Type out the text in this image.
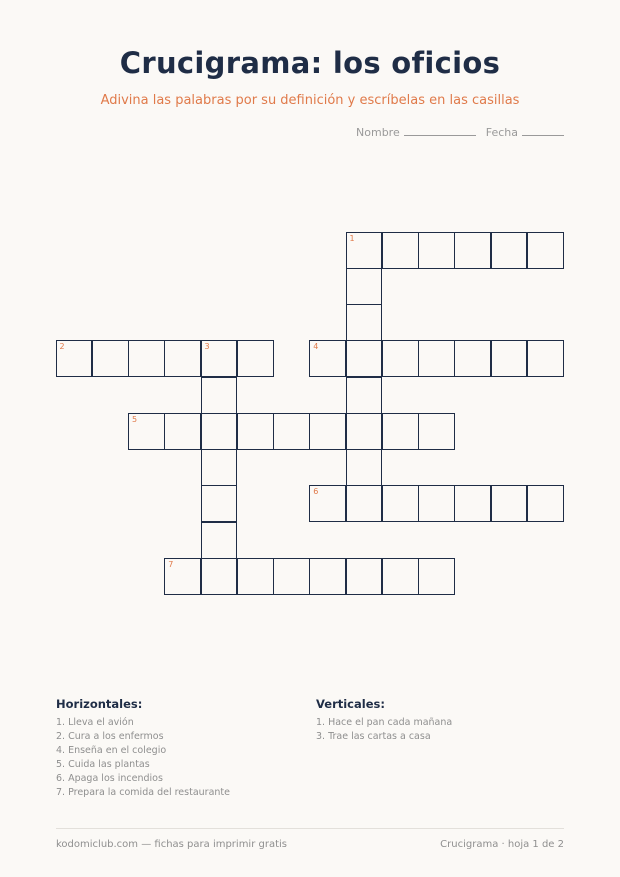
Crucigrama: los oficios
Adivina las palabras por su definición y escríbelas en las casillas
Nombre	Fecha
1
2	3	4
5
6
7
Horizontales:
1. Lleva el avión
2. Cura a los enfermos
4. Enseña en el colegio
5. Cuida las plantas
6. Apaga los incendios
7. Prepara la comida del restaurante
Verticales:
1. Hace el pan cada mañana
3. Trae las cartas a casa
kodomiclub.com — fichas para imprimir gratis	Crucigrama · hoja 1 de 2
